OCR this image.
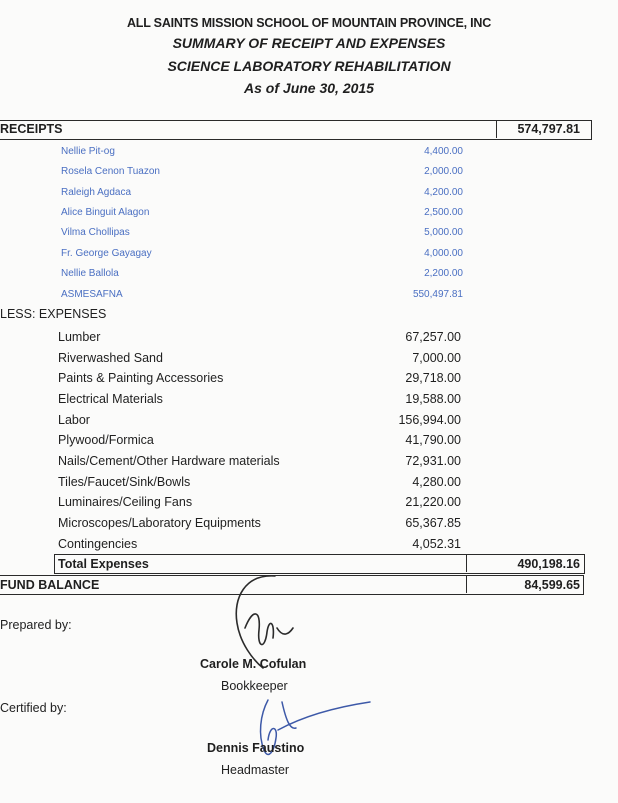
ALL SAINTS MISSION SCHOOL OF MOUNTAIN PROVINCE, INC
SUMMARY OF RECEIPT AND EXPENSES
SCIENCE LABORATORY REHABILITATION
As of June 30, 2015
RECEIPTS	574,797.81
Nellie Pit-og	4,400.00
Rosela Cenon Tuazon	2,000.00
Raleigh Agdaca	4,200.00
Alice Binguit Alagon	2,500.00
Vilma Chollipas	5,000.00
Fr. George Gayagay	4,000.00
Nellie Ballola	2,200.00
ASMESAFNA	550,497.81
LESS: EXPENSES
Lumber	67,257.00
Riverwashed Sand	7,000.00
Paints & Painting Accessories	29,718.00
Electrical Materials	19,588.00
Labor	156,994.00
Plywood/Formica	41,790.00
Nails/Cement/Other Hardware materials	72,931.00
Tiles/Faucet/Sink/Bowls	4,280.00
Luminaires/Ceiling Fans	21,220.00
Microscopes/Laboratory Equipments	65,367.85
Contingencies	4,052.31
Total Expenses	490,198.16
FUND BALANCE	84,599.65
Prepared by:
Carole M. Cofulan
Bookkeeper
Certified by:
Dennis Faustino
Headmaster
